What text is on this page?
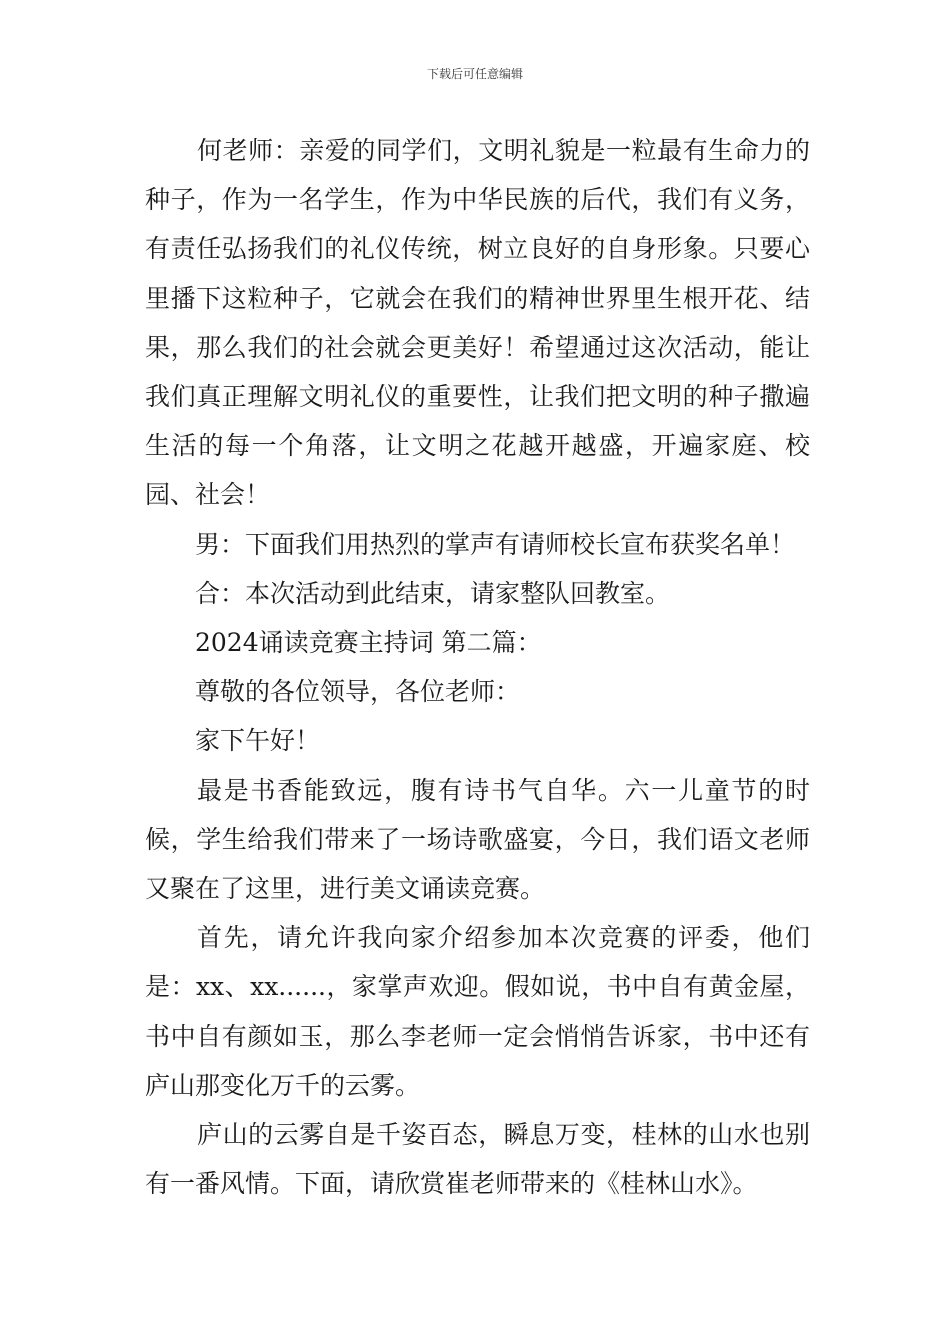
下载后可任意编辑

何老师：亲爱的同学们，文明礼貌是一粒最有生命力的种子，作为一名学生，作为中华民族的后代，我们有义务，有责任弘扬我们的礼仪传统，树立良好的自身形象。只要心里播下这粒种子，它就会在我们的精神世界里生根开花、结果，那么我们的社会就会更美好！希望通过这次活动，能让我们真正理解文明礼仪的重要性，让我们把文明的种子撒遍生活的每一个角落，让文明之花越开越盛，开遍家庭、校园、社会！

男：下面我们用热烈的掌声有请师校长宣布获奖名单！

合：本次活动到此结束，请家整队回教室。

2024诵读竞赛主持词 第二篇：

尊敬的各位领导，各位老师：

家下午好！

最是书香能致远，腹有诗书气自华。六一儿童节的时候，学生给我们带来了一场诗歌盛宴，今日，我们语文老师又聚在了这里，进行美文诵读竞赛。

首先，请允许我向家介绍参加本次竞赛的评委，他们是：xx、xx......，家掌声欢迎。假如说，书中自有黄金屋，书中自有颜如玉，那么李老师一定会悄悄告诉家，书中还有庐山那变化万千的云雾。

庐山的云雾自是千姿百态，瞬息万变，桂林的山水也别有一番风情。下面，请欣赏崔老师带来的《桂林山水》。
